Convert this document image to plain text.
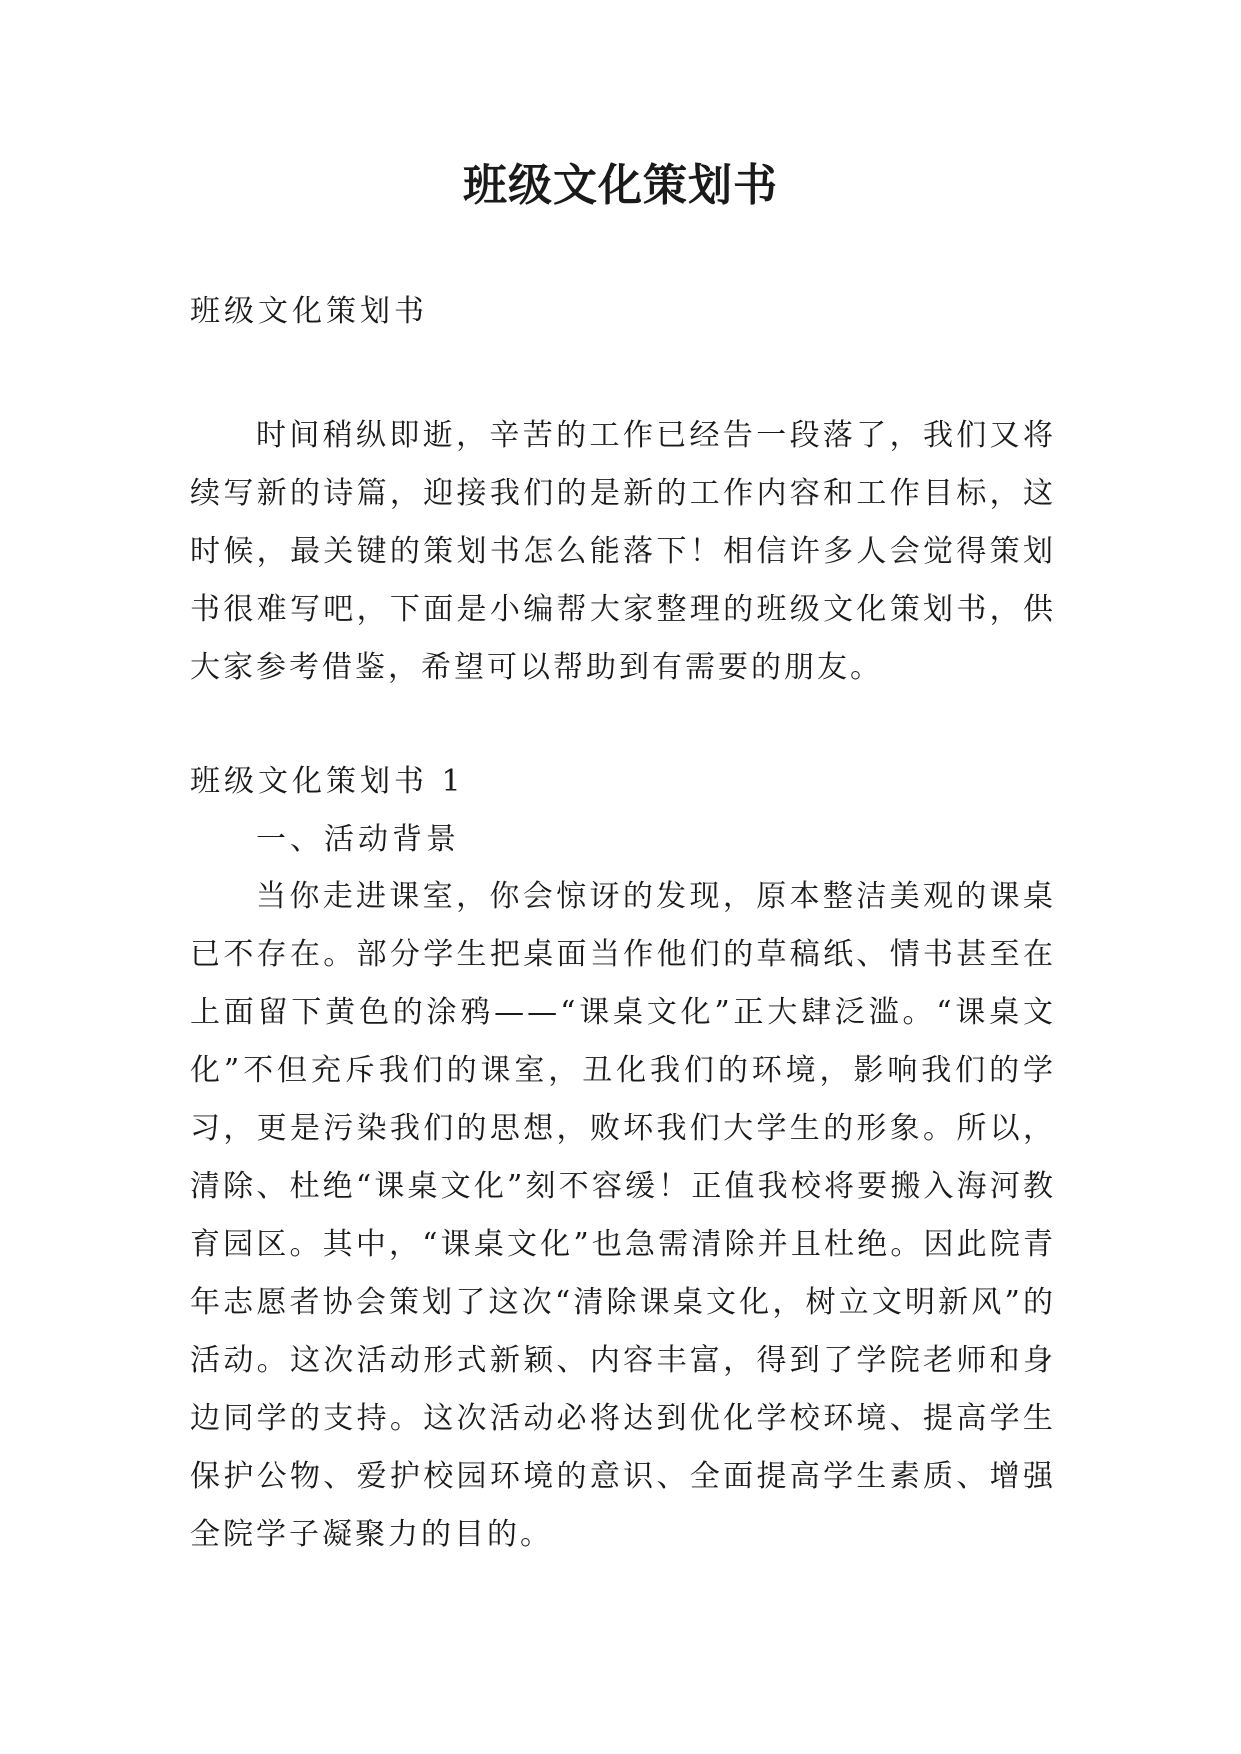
班级文化策划书

班级文化策划书

时间稍纵即逝，辛苦的工作已经告一段落了，我们又将续写新的诗篇，迎接我们的是新的工作内容和工作目标，这时候，最关键的策划书怎么能落下！相信许多人会觉得策划书很难写吧，下面是小编帮大家整理的班级文化策划书，供大家参考借鉴，希望可以帮助到有需要的朋友。

班级文化策划书 1

一、活动背景

当你走进课室，你会惊讶的发现，原本整洁美观的课桌已不存在。部分学生把桌面当作他们的草稿纸、情书甚至在上面留下黄色的涂鸦——“课桌文化”正大肆泛滥。“课桌文化”不但充斥我们的课室，丑化我们的环境，影响我们的学习，更是污染我们的思想，败坏我们大学生的形象。所以，清除、杜绝“课桌文化”刻不容缓！正值我校将要搬入海河教育园区。其中，“课桌文化”也急需清除并且杜绝。因此院青年志愿者协会策划了这次“清除课桌文化，树立文明新风”的活动。这次活动形式新颖、内容丰富，得到了学院老师和身边同学的支持。这次活动必将达到优化学校环境、提高学生保护公物、爱护校园环境的意识、全面提高学生素质、增强全院学子凝聚力的目的。
